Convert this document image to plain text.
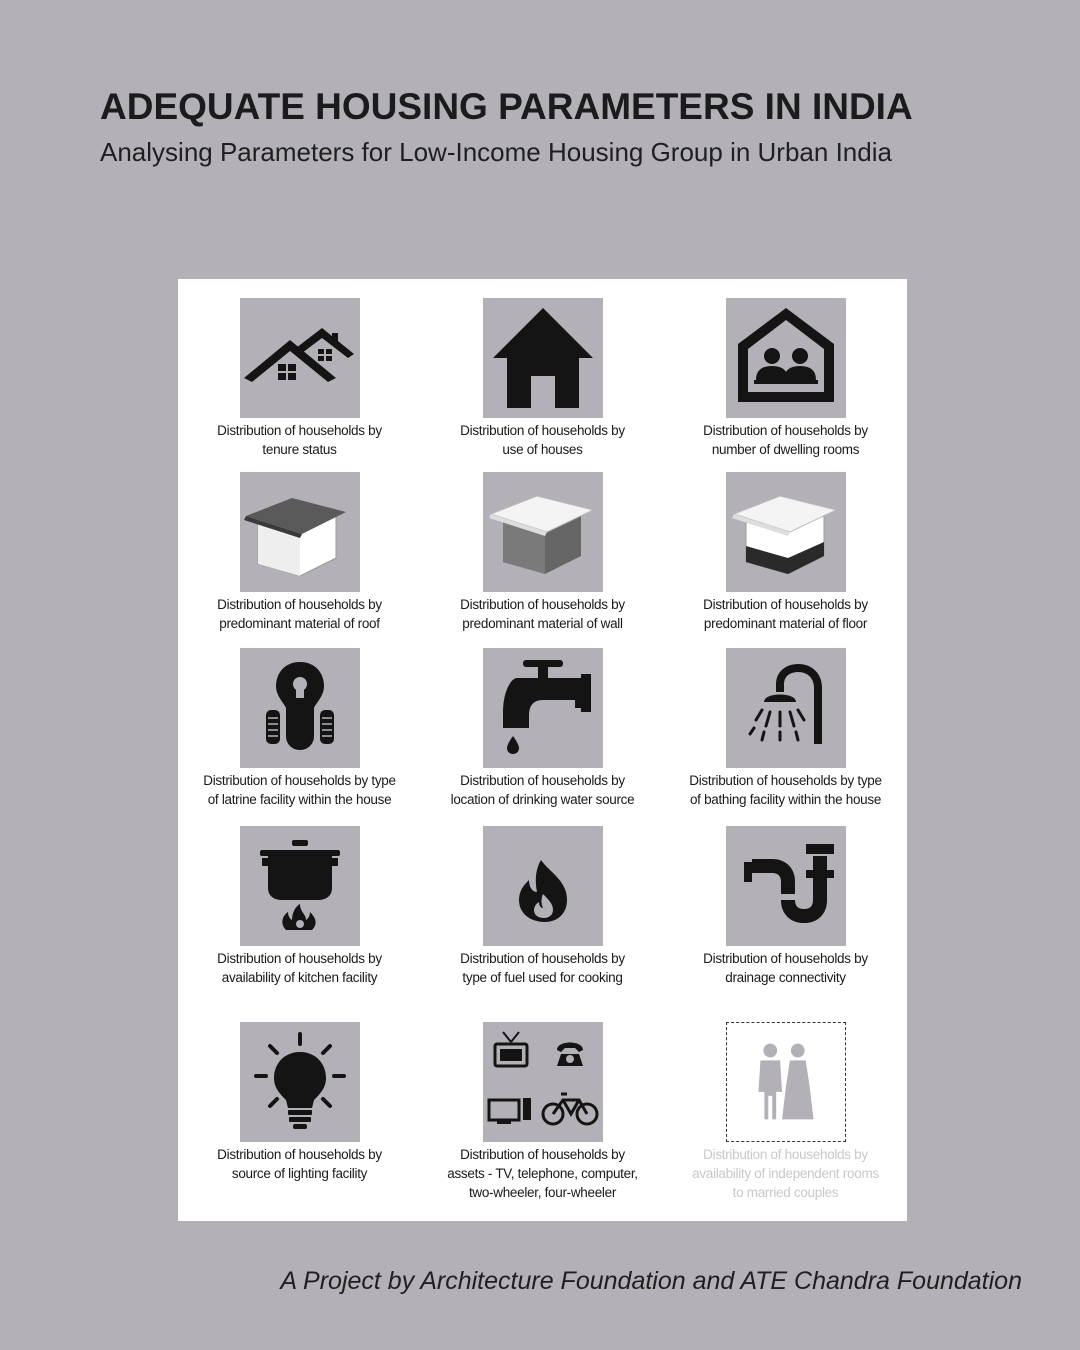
ADEQUATE HOUSING PARAMETERS IN INDIA
Analysing Parameters for Low-Income Housing Group in Urban India
Distribution of households by
tenure status
Distribution of households by
use of houses
Distribution of households by
number of dwelling rooms
Distribution of households by
predominant material of roof
Distribution of households by
predominant material of wall
Distribution of households by
predominant material of floor
Distribution of households by type
of latrine facility within the house
Distribution of households by
location of drinking water source
Distribution of households by type
of bathing facility within the house
Distribution of households by
availability of kitchen facility
Distribution of households by
type of fuel used for cooking
Distribution of households by
drainage connectivity
Distribution of households by
source of lighting facility
Distribution of households by
assets - TV, telephone, computer,
two-wheeler, four-wheeler
Distribution of households by
availability of independent rooms
to married couples
A Project by Architecture Foundation and ATE Chandra Foundation
